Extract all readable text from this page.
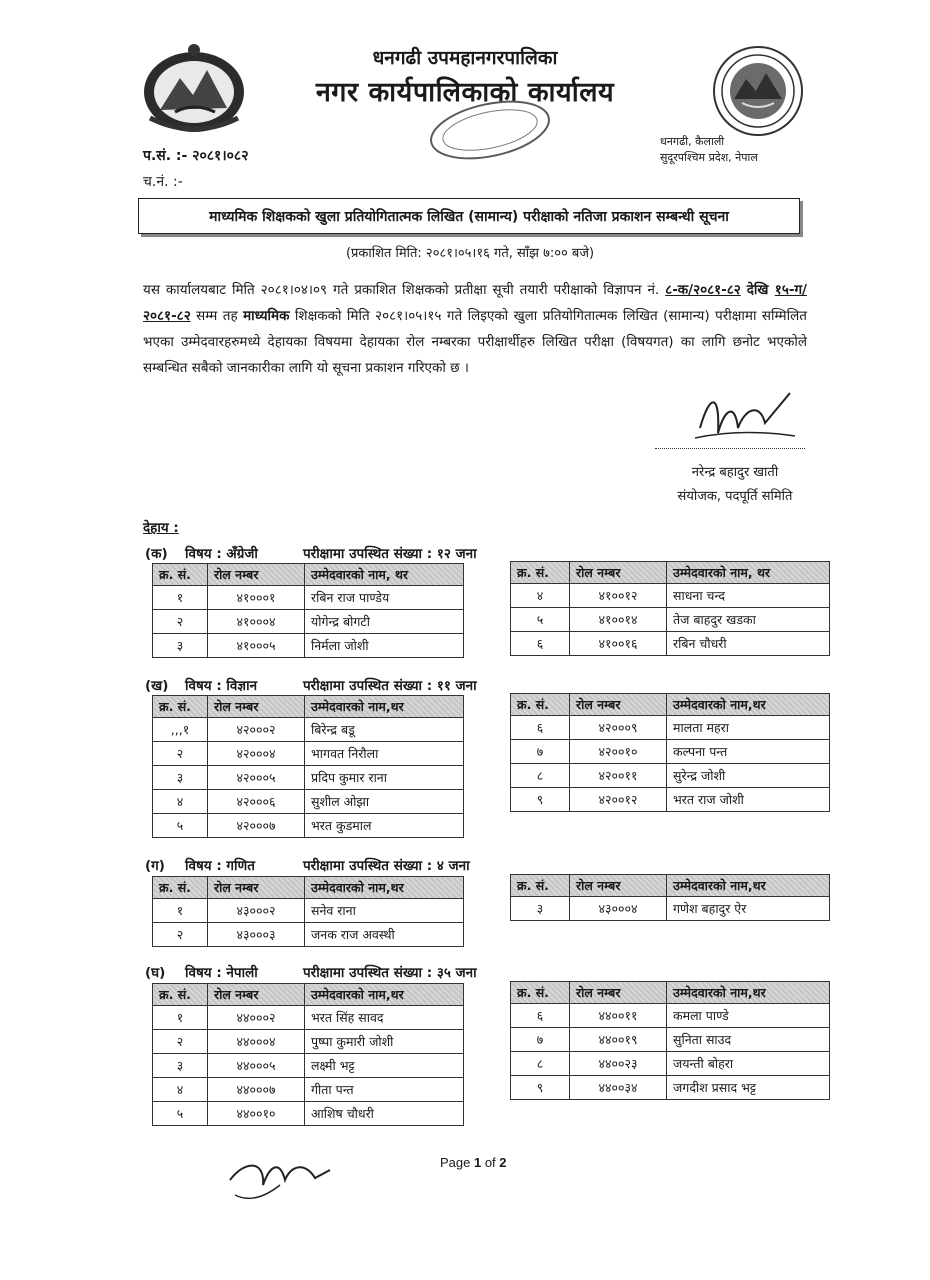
धनगढी उपमहानगरपालिका
नगर कार्यपालिकाको कार्यालय
धनगढी, कैलाली
सुदूरपश्चिम प्रदेश, नेपाल
प.सं. :- २०८१।०८२
च.नं. :-
माध्यमिक शिक्षकको खुला प्रतियोगितात्मक लिखित (सामान्य) परीक्षाको नतिजा प्रकाशन सम्बन्धी सूचना
(प्रकाशित मिति: २०८१।०५।१६ गते, साँझ ७:०० बजे)
यस कार्यालयबाट मिति २०८१।०४।०९ गते प्रकाशित शिक्षकको प्रतीक्षा सूची तयारी परीक्षाको विज्ञापन नं. ८-क/२०८१-८२ देखि १५-ग/२०८१-८२ सम्म तह माध्यमिक शिक्षकको मिति २०८१।०५।१५ गते लिइएको खुला प्रतियोगितात्मक लिखित (सामान्य) परीक्षामा सम्मिलित भएका उम्मेदवारहरुमध्ये देहायका विषयमा देहायका रोल नम्बरका परीक्षार्थीहरु लिखित परीक्षा (विषयगत) का लागि छनोट भएकोले सम्बन्धित सबैको जानकारीका लागि यो सूचना प्रकाशन गरिएको छ ।
नरेन्द्र बहादुर खाती
संयोजक, पदपूर्ति समिति
देहाय :
(क) विषय : अँग्रेजी	परीक्षामा उपस्थित संख्या : १२ जना
क्र. सं.	रोल नम्बर	उम्मेदवारको नाम, थर
१	४१०००१	रबिन राज पाण्डेय
२	४१०००४	योगेन्द्र बोगटी
३	४१०००५	निर्मला जोशी
क्र. सं.	रोल नम्बर	उम्मेदवारको नाम, थर
४	४१००१२	साधना चन्द
५	४१००१४	तेज बाहदुर खडका
६	४१००१६	रबिन चौधरी
(ख) विषय : विज्ञान	परीक्षामा उपस्थित संख्या : ११ जना
क्र. सं.	रोल नम्बर	उम्मेदवारको नाम,थर
,,,१	४२०००२	बिरेन्द्र बडू
२	४२०००४	भागवत निरौला
३	४२०००५	प्रदिप कुमार राना
४	४२०००६	सुशील ओझा
५	४२०००७	भरत कुडमाल
क्र. सं.	रोल नम्बर	उम्मेदवारको नाम,थर
६	४२०००९	मालता महरा
७	४२००१०	कल्पना पन्त
८	४२००११	सुरेन्द्र जोशी
९	४२००१२	भरत राज जोशी
(ग) विषय : गणित	परीक्षामा उपस्थित संख्या : ४ जना
क्र. सं.	रोल नम्बर	उम्मेदवारको नाम,थर
१	४३०००२	सनेव राना
२	४३०००३	जनक राज अवस्थी
क्र. सं.	रोल नम्बर	उम्मेदवारको नाम,थर
३	४३०००४	गणेश बहादुर ऐर
(घ) विषय : नेपाली	परीक्षामा उपस्थित संख्या : ३५ जना
क्र. सं.	रोल नम्बर	उम्मेदवारको नाम,थर
१	४४०००२	भरत सिंह सावद
२	४४०००४	पुष्पा कुमारी जोशी
३	४४०००५	लक्ष्मी भट्ट
४	४४०००७	गीता पन्त
५	४४००१०	आशिष चौधरी
क्र. सं.	रोल नम्बर	उम्मेदवारको नाम,थर
६	४४००११	कमला पाण्डे
७	४४००१९	सुनिता साउद
८	४४००२३	जयन्ती बोहरा
९	४४००३४	जगदीश प्रसाद भट्ट
Page 1 of 2
